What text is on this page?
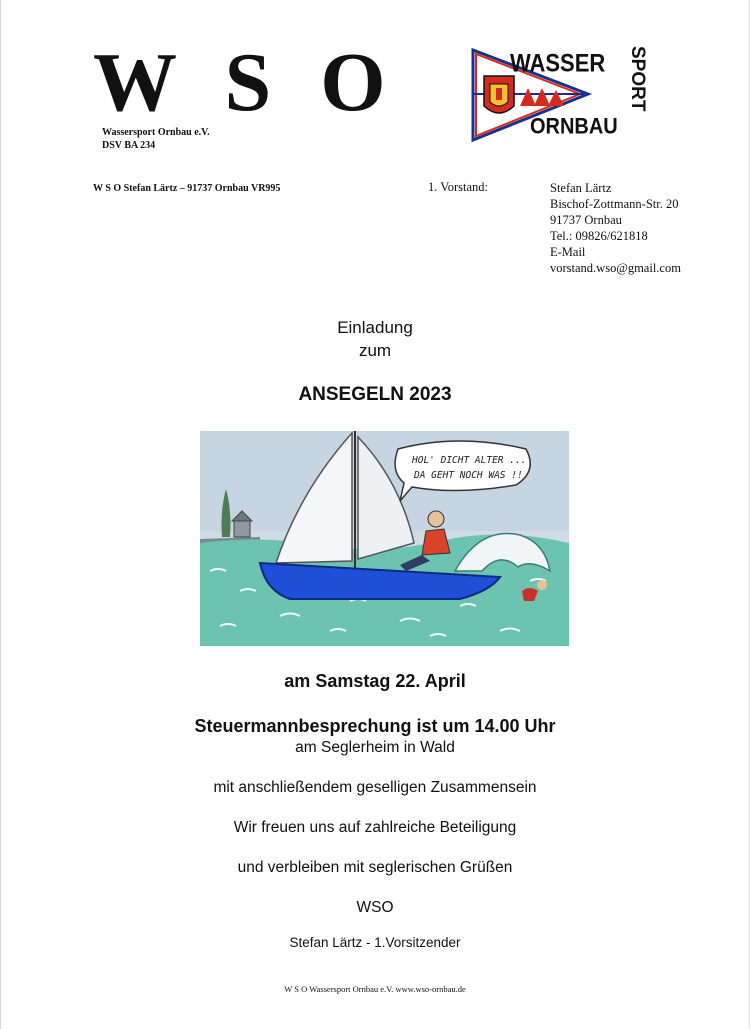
W S O
Wassersport Ornbau e.V.
DSV BA 234
WASSER
ORNBAU
SPORT
W S O Stefan Lärtz – 91737 Ornbau VR995	1. Vorstand:	Stefan Lärtz
Bischof-Zottmann-Str. 20
91737 Ornbau
Tel.: 09826/621818
E-Mail
vorstand.wso@gmail.com
Einladung
zum
ANSEGELN 2023
HOL' DICHT ALTER ...
DA GEHT NOCH WAS !!
am Samstag 22. April
Steuermannbesprechung ist um 14.00 Uhr
am Seglerheim in Wald
mit anschließendem geselligen Zusammensein
Wir freuen uns auf zahlreiche Beteiligung
und verbleiben mit seglerischen Grüßen
WSO
Stefan Lärtz - 1.Vorsitzender
W S O Wassersport Ornbau e.V. www.wso-ornbau.de
